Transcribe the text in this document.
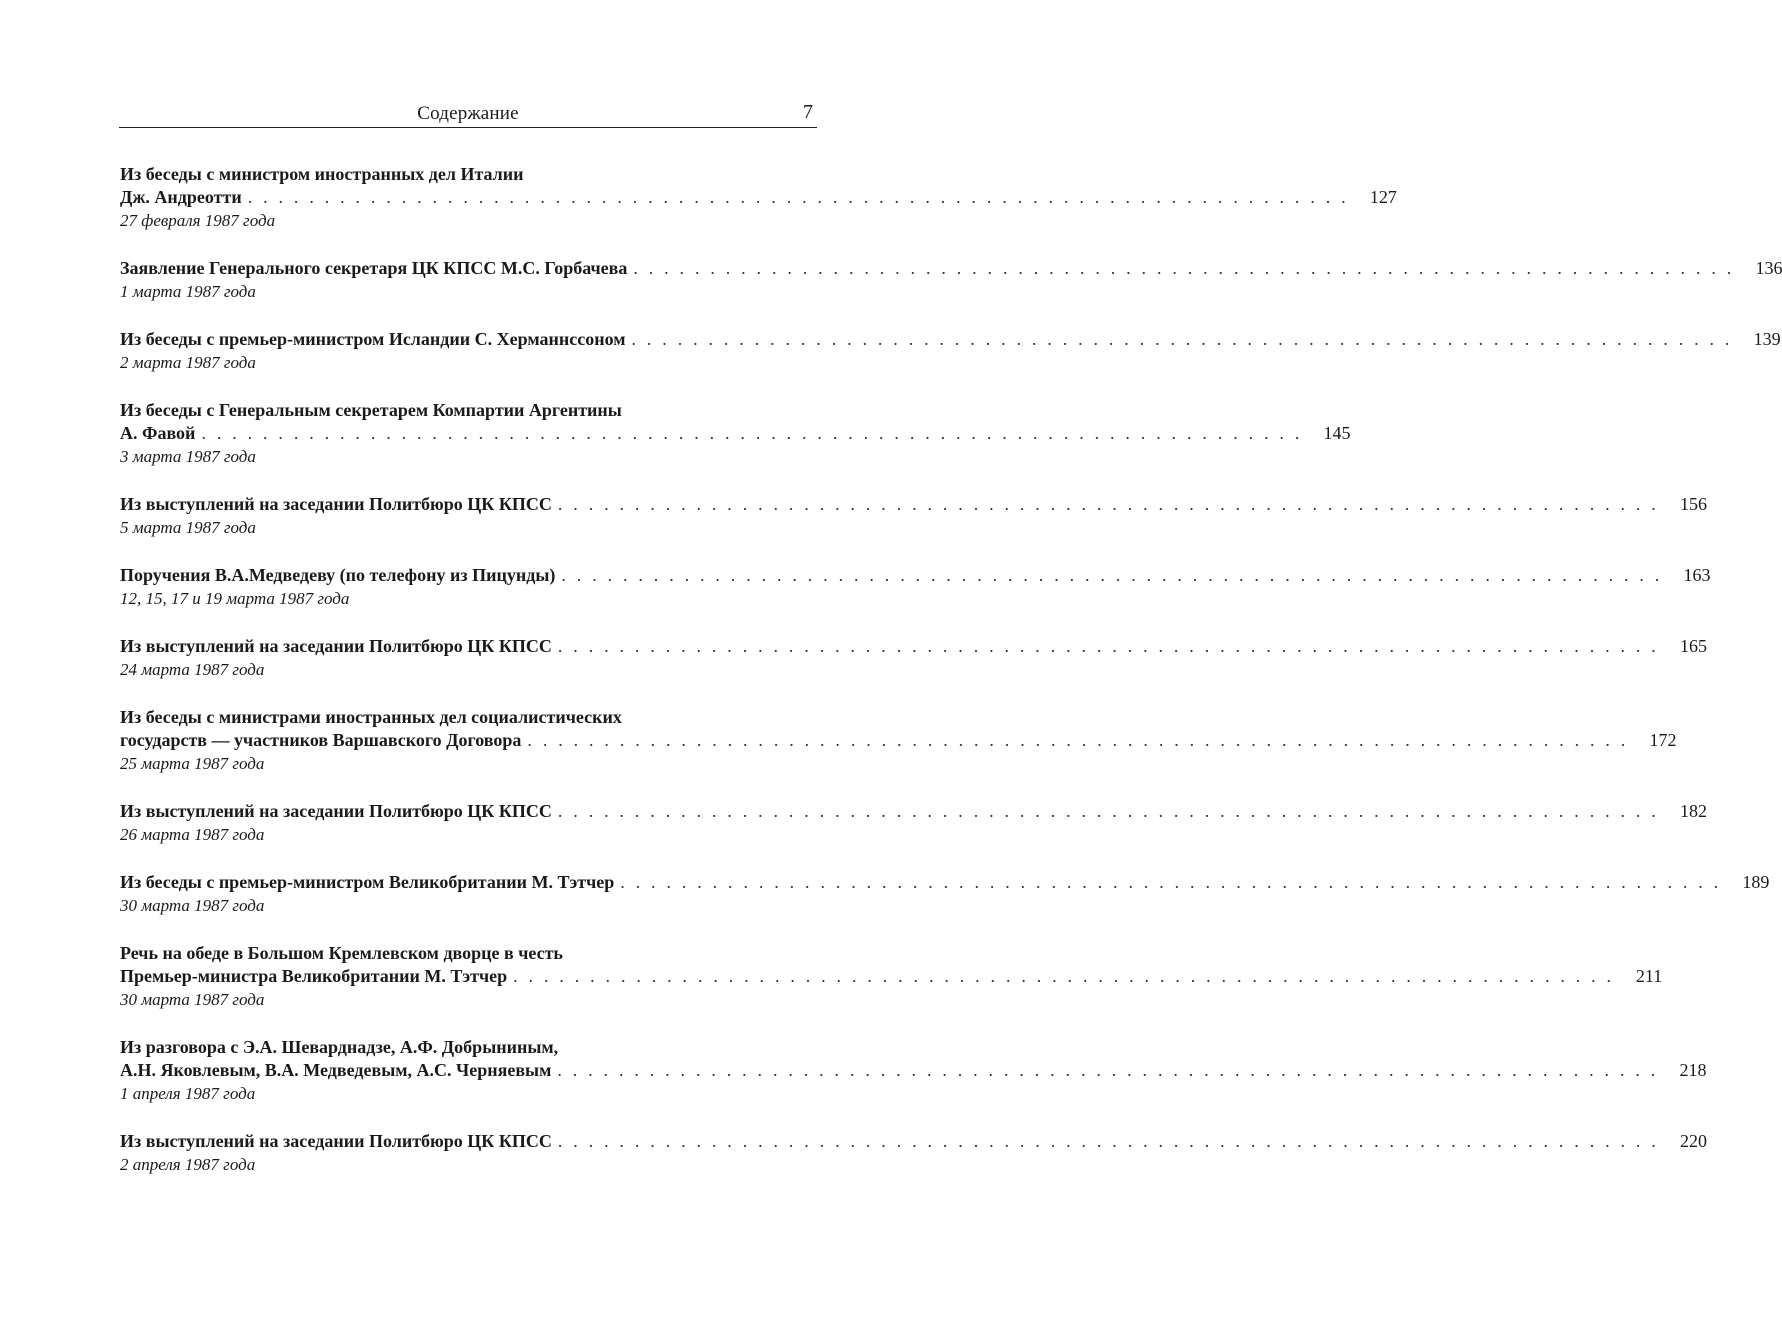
Содержание	7
Из беседы с министром иностранных дел Италии
Дж. Андреотти . . . . . . . . . . . . . . . . . . . . . . . . . . . . . . . . . . . . . . . . . . . . . . . . . . . . . . . . . . . . . . . . . . . . . . . .	127
27 февраля 1987 года
Заявление Генерального секретаря ЦК КПСС М.С. Горбачева . . . . . . . . . . . . . . . . . . . . . . . . . . . . . . . . . . . . . . . . . . . . . . . . . . . . . . . . . . . . . . . . . . . . . . . .	136
1 марта 1987 года
Из беседы с премьер-министром Исландии С. Херманнссоном . . . . . . . . . . . . . . . . . . . . . . . . . . . . . . . . . . . . . . . . . . . . . . . . . . . . . . . . . . . . . . . . . . . . . . . .	139
2 марта 1987 года
Из беседы с Генеральным секретарем Компартии Аргентины
А. Фавой . . . . . . . . . . . . . . . . . . . . . . . . . . . . . . . . . . . . . . . . . . . . . . . . . . . . . . . . . . . . . . . . . . . . . . . .	145
3 марта 1987 года
Из выступлений на заседании Политбюро ЦК КПСС . . . . . . . . . . . . . . . . . . . . . . . . . . . . . . . . . . . . . . . . . . . . . . . . . . . . . . . . . . . . . . . . . . . . . . . .	156
5 марта 1987 года
Поручения В.А.Медведеву (по телефону из Пицунды) . . . . . . . . . . . . . . . . . . . . . . . . . . . . . . . . . . . . . . . . . . . . . . . . . . . . . . . . . . . . . . . . . . . . . . . .	163
12, 15, 17 и 19 марта 1987 года
Из выступлений на заседании Политбюро ЦК КПСС . . . . . . . . . . . . . . . . . . . . . . . . . . . . . . . . . . . . . . . . . . . . . . . . . . . . . . . . . . . . . . . . . . . . . . . .	165
24 марта 1987 года
Из беседы с министрами иностранных дел социалистических
государств — участников Варшавского Договора . . . . . . . . . . . . . . . . . . . . . . . . . . . . . . . . . . . . . . . . . . . . . . . . . . . . . . . . . . . . . . . . . . . . . . . .	172
25 марта 1987 года
Из выступлений на заседании Политбюро ЦК КПСС . . . . . . . . . . . . . . . . . . . . . . . . . . . . . . . . . . . . . . . . . . . . . . . . . . . . . . . . . . . . . . . . . . . . . . . .	182
26 марта 1987 года
Из беседы с премьер-министром Великобритании М. Тэтчер . . . . . . . . . . . . . . . . . . . . . . . . . . . . . . . . . . . . . . . . . . . . . . . . . . . . . . . . . . . . . . . . . . . . . . . .	189
30 марта 1987 года
Речь на обеде в Большом Кремлевском дворце в честь
Премьер-министра Великобритании М. Тэтчер . . . . . . . . . . . . . . . . . . . . . . . . . . . . . . . . . . . . . . . . . . . . . . . . . . . . . . . . . . . . . . . . . . . . . . . .	211
30 марта 1987 года
Из разговора с Э.А. Шеварднадзе, А.Ф. Добрыниным,
А.Н. Яковлевым, В.А. Медведевым, А.С. Черняевым . . . . . . . . . . . . . . . . . . . . . . . . . . . . . . . . . . . . . . . . . . . . . . . . . . . . . . . . . . . . . . . . . . . . . . . .	218
1 апреля 1987 года
Из выступлений на заседании Политбюро ЦК КПСС . . . . . . . . . . . . . . . . . . . . . . . . . . . . . . . . . . . . . . . . . . . . . . . . . . . . . . . . . . . . . . . . . . . . . . . .	220
2 апреля 1987 года
